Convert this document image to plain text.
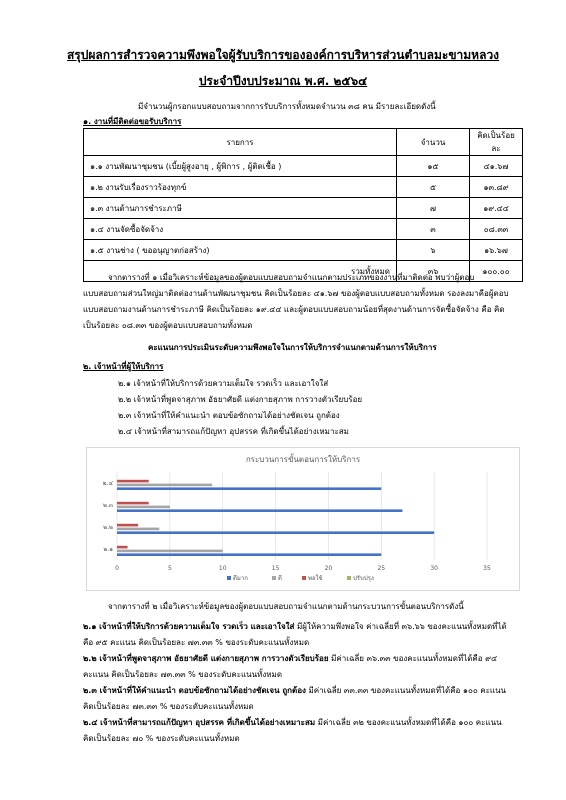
สรุปผลการสำรวจความพึงพอใจผู้รับบริการขององค์การบริหารส่วนตำบลมะขามหลวง
ประจำปีงบประมาณ พ.ศ. ๒๕๖๔
มีจำนวนผู้กรอกแบบสอบถามจากการรับบริการทั้งหมดจำนวน ๓๘ คน มีรายละเอียดดังนี้
๑. งานที่มีติดต่อขอรับบริการ
รายการ	จำนวน	คิดเป็นร้อยละ
๑.๑ งานพัฒนาชุมชน (เบี้ยผู้สูงอายุ , ผู้พิการ , ผู้ติดเชื้อ )	๑๕	๔๑.๖๗
๑.๒ งานรับเรื่องราวร้องทุกข์	๕	๑๓.๘๙
๑.๓ งานด้านการชำระภาษี	๗	๑๙.๔๔
๑.๔ งานจัดซื้อจัดจ้าง	๓	๐๘.๓๓
๑.๕ งานช่าง ( ขออนุญาตก่อสร้าง)	๖	๑๖.๖๗
รวมทั้งหมด	๓๖	๑๐๐.๐๐
จากตารางที่ ๑ เมื่อวิเคราะห์ข้อมูลของผู้ตอบแบบสอบถามจำแนกตามประเภทของงานที่มาติดต่อ พบว่าผู้ตอบ
แบบสอบถามส่วนใหญ่มาติดต่องานด้านพัฒนาชุมชน คิดเป็นร้อยละ ๔๑.๖๗ ของผู้ตอบแบบสอบถามทั้งหมด รองลงมาคือผู้ตอบ
แบบสอบถามงานด้านการชำระภาษี คิดเป็นร้อยละ ๑๙.๔๔ และผู้ตอบแบบสอบถามน้อยที่สุดงานด้านการจัดซื้อจัดจ้าง คือ คิด
เป็นร้อยละ ๐๘.๓๓ ของผู้ตอบแบบสอบถามทั้งหมด
คะแนนการประเมินระดับความพึงพอใจในการให้บริการจำแนกตามด้านการให้บริการ
๒. เจ้าหน้าที่ผู้ให้บริการ
๒.๑ เจ้าหน้าที่ให้บริการด้วยความเต็มใจ รวดเร็ว และเอาใจใส่
๒.๒ เจ้าหน้าที่พูดจาสุภาพ อัธยาศัยดี แต่งกายสุภาพ การวางตัวเรียบร้อย
๒.๓ เจ้าหน้าที่ให้คำแนะนำ ตอบข้อซักถามได้อย่างชัดเจน ถูกต้อง
๒.๔ เจ้าหน้าที่สามารถแก้ปัญหา อุปสรรค ที่เกิดขึ้นได้อย่างเหมาะสม
กระบวนการขั้นตอนการให้บริการ
๒.๑
๒.๒
๒.๓
๒.๔
0	5	10	15	20	25	30	35
ดีมาก	ดี	พอใช้	ปรับปรุง
จากตารางที่ ๒ เมื่อวิเคราะห์ข้อมูลของผู้ตอบแบบสอบถามจำแนกตามด้านกระบวนการขั้นตอนบริการดังนี้
๒.๑ เจ้าหน้าที่ให้บริการด้วยความเต็มใจ รวดเร็ว และเอาใจใส่ มีผู้ให้ความพึงพอใจ ค่าเฉลี่ยที่ ๓๖.๖๖ ของคะแนนทั้งหมดที่ได้
คือ ๙๕ คะแนน คิดเป็นร้อยละ ๗๓.๓๓ % ของระดับคะแนนทั้งหมด
๒.๒ เจ้าหน้าที่พูดจาสุภาพ อัธยาศัยดี แต่งกายสุภาพ การวางตัวเรียบร้อย มีค่าเฉลี่ย ๓๖.๓๓ ของคะแนนทั้งหมดที่ได้คือ ๙๔
คะแนน คิดเป็นร้อยละ ๗๓.๓๓ % ของระดับคะแนนทั้งหมด
๒.๓ เจ้าหน้าที่ให้คำแนะนำ ตอบข้อซักถามได้อย่างชัดเจน ถูกต้อง มีค่าเฉลี่ย ๓๓.๓๓ ของคะแนนทั้งหมดที่ได้คือ ๑๐๐ คะแนน
คิดเป็นร้อยละ ๗๓.๓๓ % ของระดับคะแนนทั้งหมด
๒.๔ เจ้าหน้าที่สามารถแก้ปัญหา อุปสรรค ที่เกิดขึ้นได้อย่างเหมาะสม มีค่าเฉลี่ย ๓๒ ของคะแนนทั้งหมดที่ได้คือ ๑๐๐ คะแนน
คิดเป็นร้อยละ ๗๐ % ของระดับคะแนนทั้งหมด
